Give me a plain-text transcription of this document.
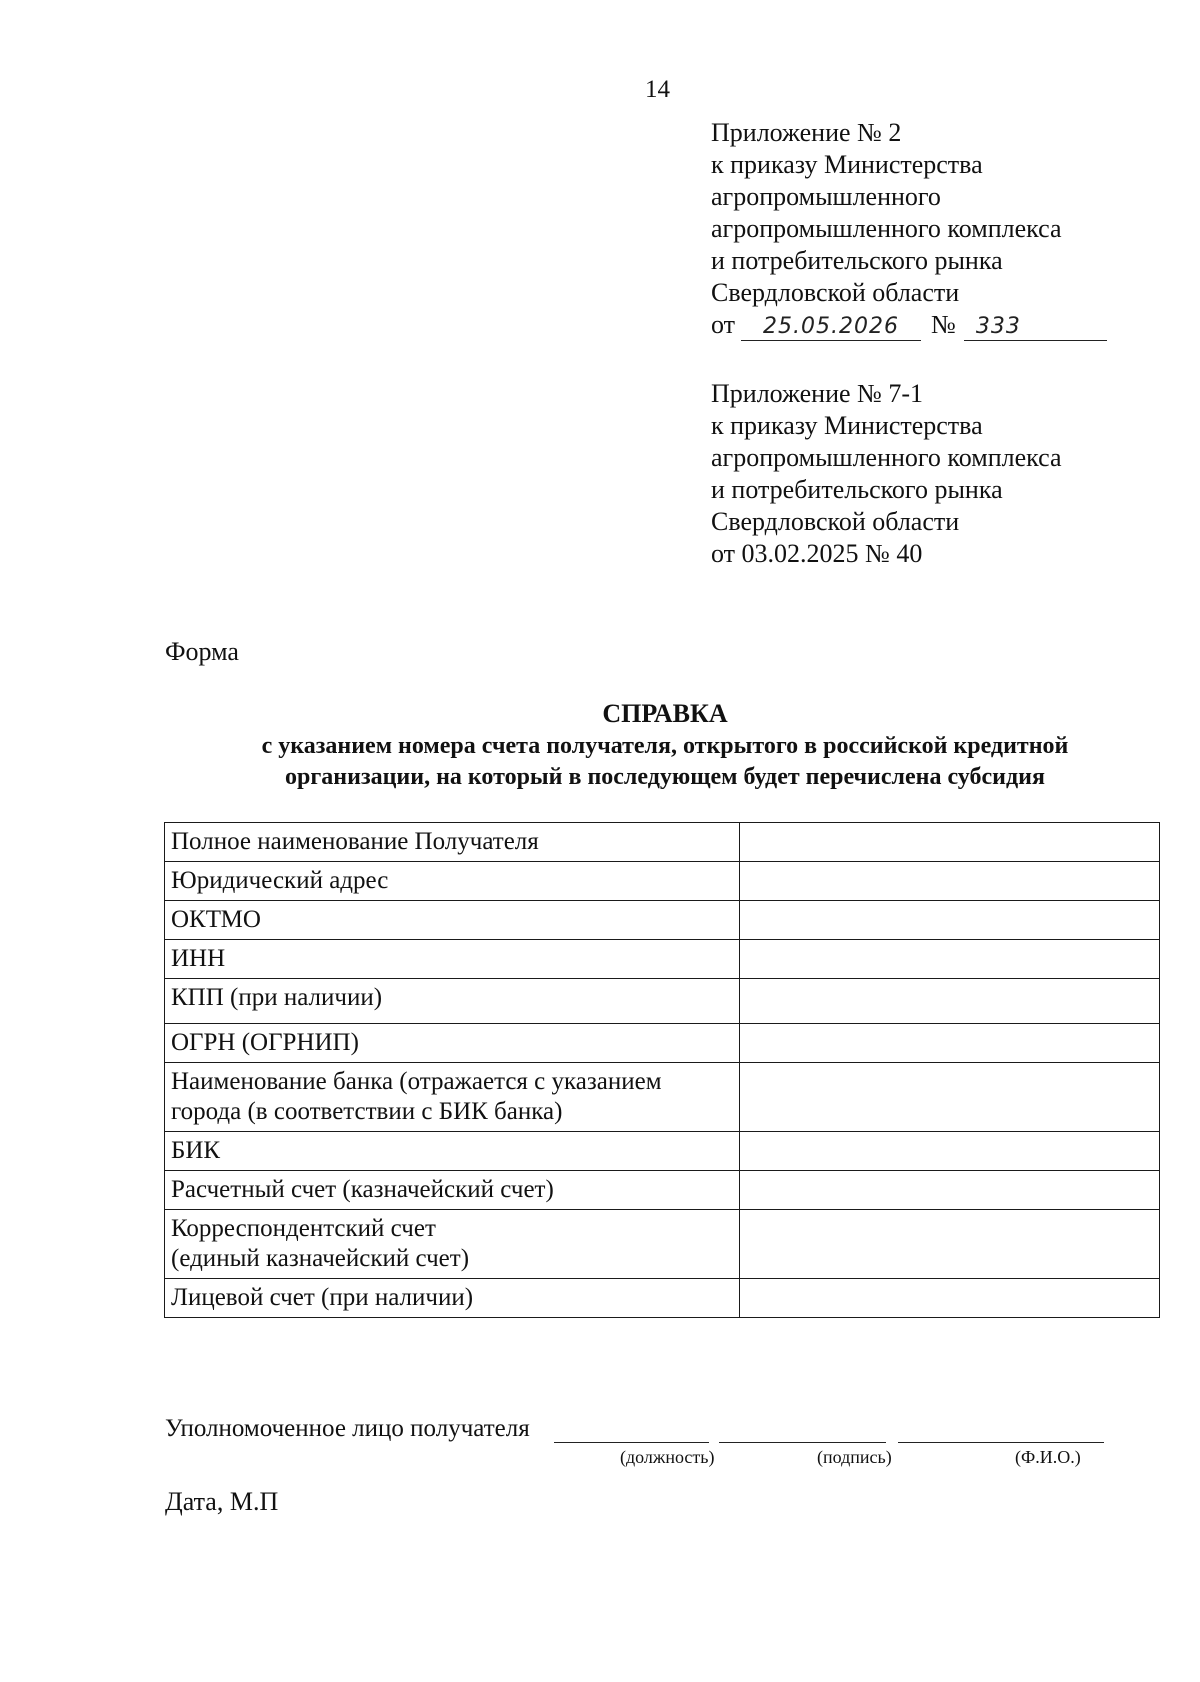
14
Приложение № 2
к приказу Министерства
агропромышленного
агропромышленного комплекса
и потребительского рынка
Свердловской области
от	25.05.2026	№ 333
Приложение № 7-1
к приказу Министерства
агропромышленного комплекса
и потребительского рынка
Свердловской области
от 03.02.2025 № 40
Форма
СПРАВКА
с указанием номера счета получателя, открытого в российской кредитной
организации, на который в последующем будет перечислена субсидия
Полное наименование Получателя	
Юридический адрес	
ОКТМО	
ИНН	
КПП (при наличии)	
ОГРН (ОГРНИП)	

Наименование банка (отражается с указанием
города (в соответствии с БИК банка)	

БИК	
Расчетный счет (казначейский счет)	

Корреспондентский счет
(единый казначейский счет)	

Лицевой счет (при наличии)	
Уполномоченное лицо получателя
(должность)	(подпись)	(Ф.И.О.)
Дата, М.П
